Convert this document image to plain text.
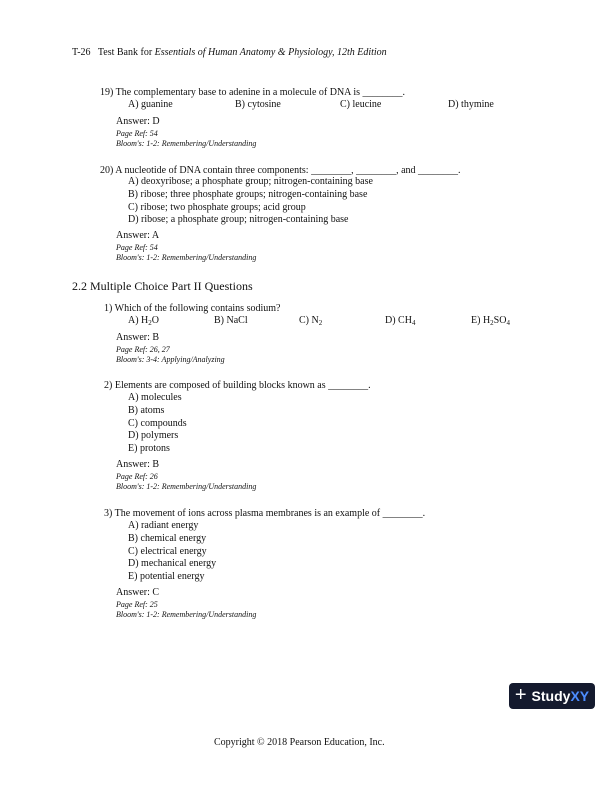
T-26 Test Bank for Essentials of Human Anatomy & Physiology, 12th Edition
19) The complementary base to adenine in a molecule of DNA is ________.
A) guanine	B) cytosine	C) leucine	D) thymine
Answer: D
Page Ref: 54
Bloom's: 1-2: Remembering/Understanding
20) A nucleotide of DNA contain three components: ________, ________, and ________.
A) deoxyribose; a phosphate group; nitrogen-containing base
B) ribose; three phosphate groups; nitrogen-containing base
C) ribose; two phosphate groups; acid group
D) ribose; a phosphate group; nitrogen-containing base
Answer: A
Page Ref: 54
Bloom's: 1-2: Remembering/Understanding
2.2 Multiple Choice Part II Questions
1) Which of the following contains sodium?
A) $H_2O$	B) NaCl	C) $N_2$	D) $CH_4$	E) $H_2SO_4$
Answer: B
Page Ref: 26, 27
Bloom's: 3-4: Applying/Analyzing
2) Elements are composed of building blocks known as ________.
A) molecules
B) atoms
C) compounds
D) polymers
E) protons
Answer: B
Page Ref: 26
Bloom's: 1-2: Remembering/Understanding
3) The movement of ions across plasma membranes is an example of ________.
A) radiant energy
B) chemical energy
C) electrical energy
D) mechanical energy
E) potential energy
Answer: C
Page Ref: 25
Bloom's: 1-2: Remembering/Understanding
+ StudyXY
Copyright © 2018 Pearson Education, Inc.
